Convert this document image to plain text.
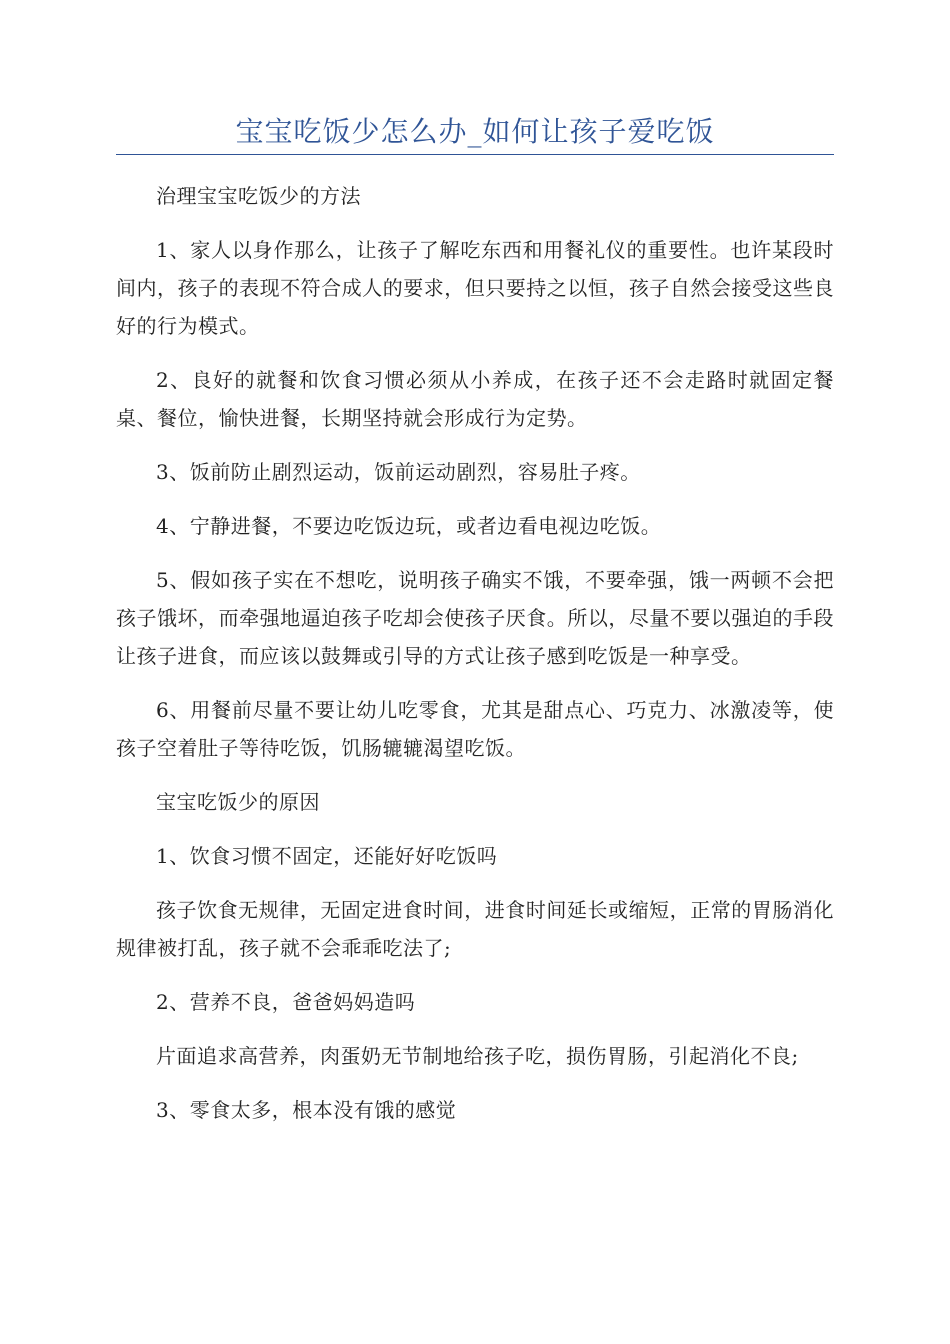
宝宝吃饭少怎么办_如何让孩子爱吃饭

治理宝宝吃饭少的方法

1、家人以身作那么，让孩子了解吃东西和用餐礼仪的重要性。也许某段时间内，孩子的表现不符合成人的要求，但只要持之以恒，孩子自然会接受这些良好的行为模式。

2、良好的就餐和饮食习惯必须从小养成，在孩子还不会走路时就固定餐桌、餐位，愉快进餐，长期坚持就会形成行为定势。

3、饭前防止剧烈运动，饭前运动剧烈，容易肚子疼。

4、宁静进餐，不要边吃饭边玩，或者边看电视边吃饭。

5、假如孩子实在不想吃，说明孩子确实不饿，不要牵强，饿一两顿不会把孩子饿坏，而牵强地逼迫孩子吃却会使孩子厌食。所以，尽量不要以强迫的手段让孩子进食，而应该以鼓舞或引导的方式让孩子感到吃饭是一种享受。

6、用餐前尽量不要让幼儿吃零食，尤其是甜点心、巧克力、冰激凌等，使孩子空着肚子等待吃饭，饥肠辘辘渴望吃饭。

宝宝吃饭少的原因

1、饮食习惯不固定，还能好好吃饭吗

孩子饮食无规律，无固定进食时间，进食时间延长或缩短，正常的胃肠消化规律被打乱，孩子就不会乖乖吃法了;

2、营养不良，爸爸妈妈造吗

片面追求高营养，肉蛋奶无节制地给孩子吃，损伤胃肠，引起消化不良;

3、零食太多，根本没有饿的感觉
